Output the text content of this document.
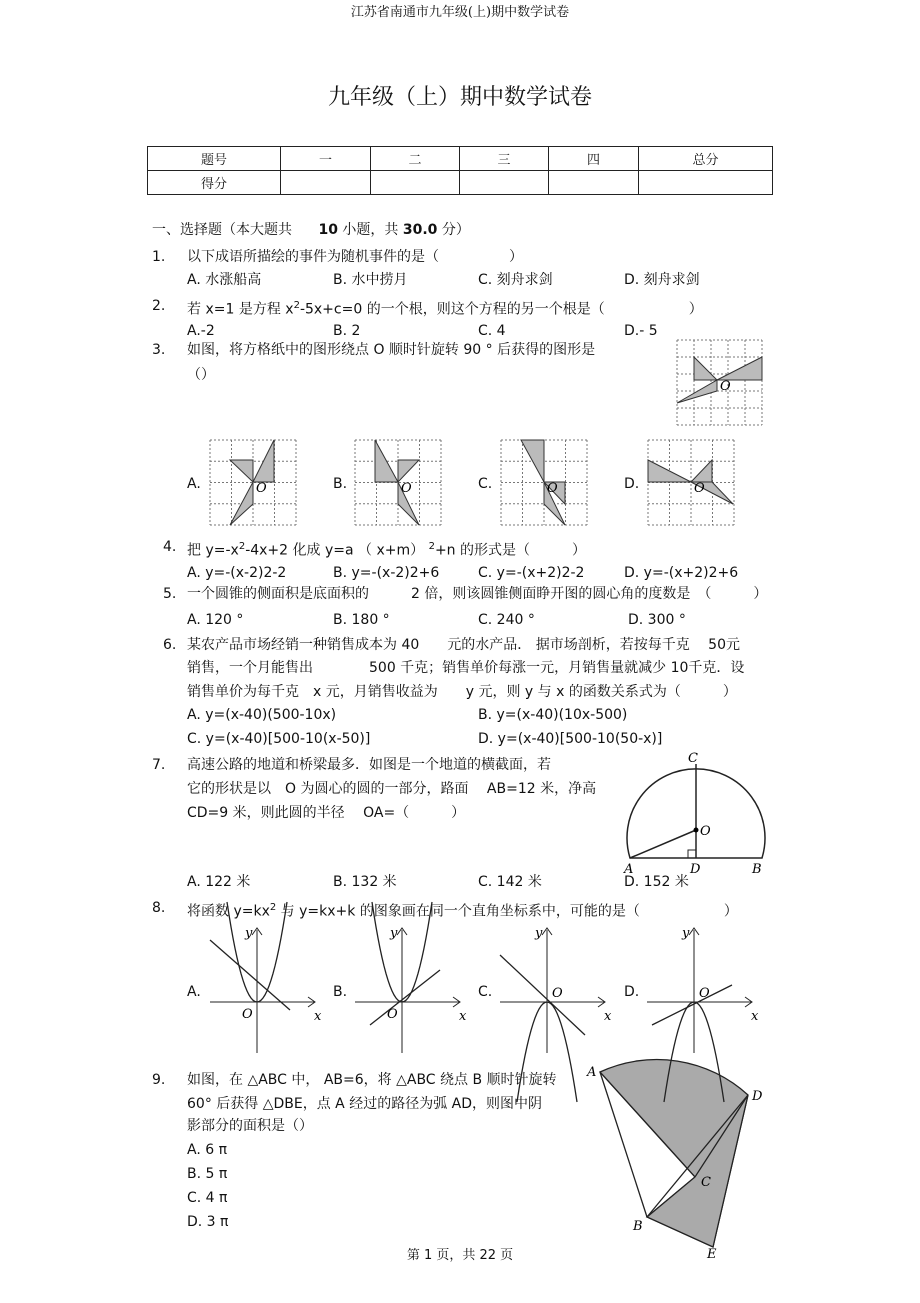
江苏省南通市九年级(上)期中数学试卷
九年级（上）期中数学试卷
题号	一	二	三	四	总分
得分					
一、选择题（本大题共 10 小题，共 30.0 分）
1. 以下成语所描绘的事件为随机事件的是（　　　　　）
A. 水涨船高	B. 水中捞月	C. 刻舟求剑	D. 刻舟求剑
2. 若 x=1 是方程 $x^2-5x+c=0$ 的一个根，则这个方程的另一个根是（　　　　　　）
A.-2	B. 2	C. 4	D.- 5
3. 如图，将方格纸中的图形绕点 O 顺时针旋转 90 ° 后获得的图形是
（）
O
A.	B.	C.	D.
4. 把 $y=-x^2-4x+2$ 化成 y=a （ x+m） $^2$+n 的形式是（　　　）
A. y=-(x-2)2-2	B. y=-(x-2)2+6	C. y=-(x+2)2-2	D. y=-(x+2)2+6
5. 一个圆锥的侧面积是底面积的　　　2 倍，则该圆锥侧面睁开图的圆心角的度数是　（　　　）
A. 120 °	B. 180 °	C. 240 °	D. 300 °
6. 某农产品市场经销一种销售成本为 40　　元的水产品． 据市场剖析，若按每千克　 50元
销售，一个月能售出　　　　500 千克；销售单价每涨一元，月销售量就减少 10千克．设
销售单价为每千克　x 元，月销售收益为　　y 元，则 y 与 x 的函数关系式为（　　　）
A. y=(x-40)(500-10x)	B. y=(x-40)(10x-500)
C. y=(x-40)[500-10(x-50)]	D. y=(x-40)[500-10(50-x)]
7. 高速公路的地道和桥梁最多．如图是一个地道的横截面，若
它的形状是以　O 为圆心的圆的一部分，路面　 AB=12 米，净高
CD=9 米，则此圆的半径　 OA=（　　　）
C
O
A	D	B
A. 122 米	B. 132 米	C. 142 米	D. 152 米
8. 将函数 $y=kx^2$ 与 y=kx+k 的图象画在同一个直角坐标系中，可能的是（　　　　　　）
A.	B.	C.	D.
9. 如图，在 △ABC 中， AB=6，将 △ABC 绕点 B 顺时针旋转
60° 后获得 △DBE，点 A 经过的路径为弧 AD，则图中阴
影部分的面积是（）
A. 6 π
B. 5 π
C. 4 π
D. 3 π
A
D
C
B
E
第 1 页，共 22 页
O	O	O	O
y
x
O
y
x
O
y
x
O
y
x
O
